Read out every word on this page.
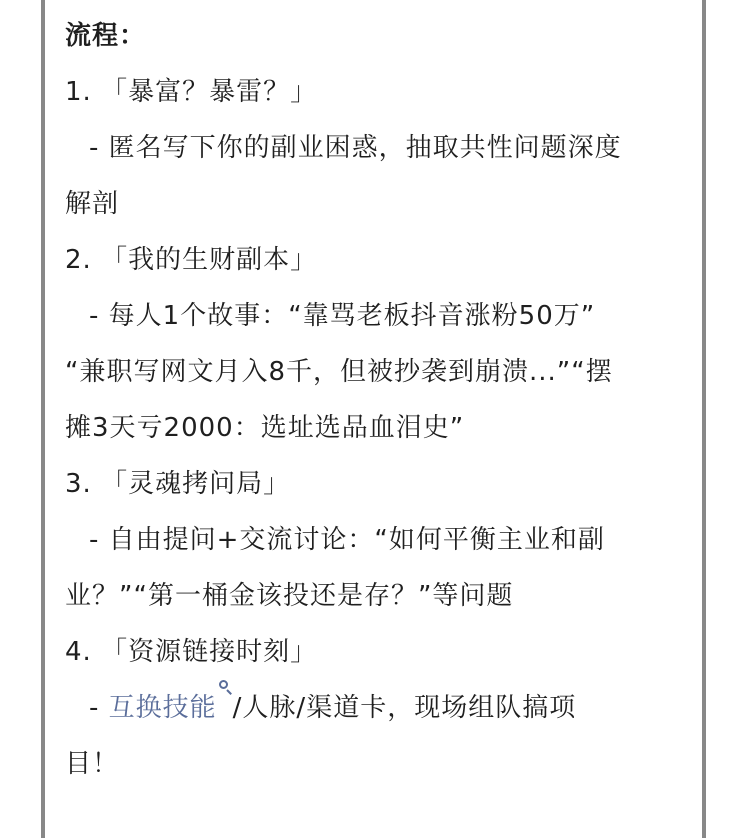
流程：
1. 「暴富？暴雷？」
- 匿名写下你的副业困惑，抽取共性问题深度
解剖
2. 「我的生财副本」
- 每人1个故事：“靠骂老板抖音涨粉50万”
“兼职写网文月入8千，但被抄袭到崩溃...”“摆
摊3天亏2000：选址选品血泪史”
3. 「灵魂拷问局」
- 自由提问+交流讨论：“如何平衡主业和副
业？”“第一桶金该投还是存？”等问题
4. 「资源链接时刻」
- 互换技能 /人脉/渠道卡，现场组队搞项
目！
